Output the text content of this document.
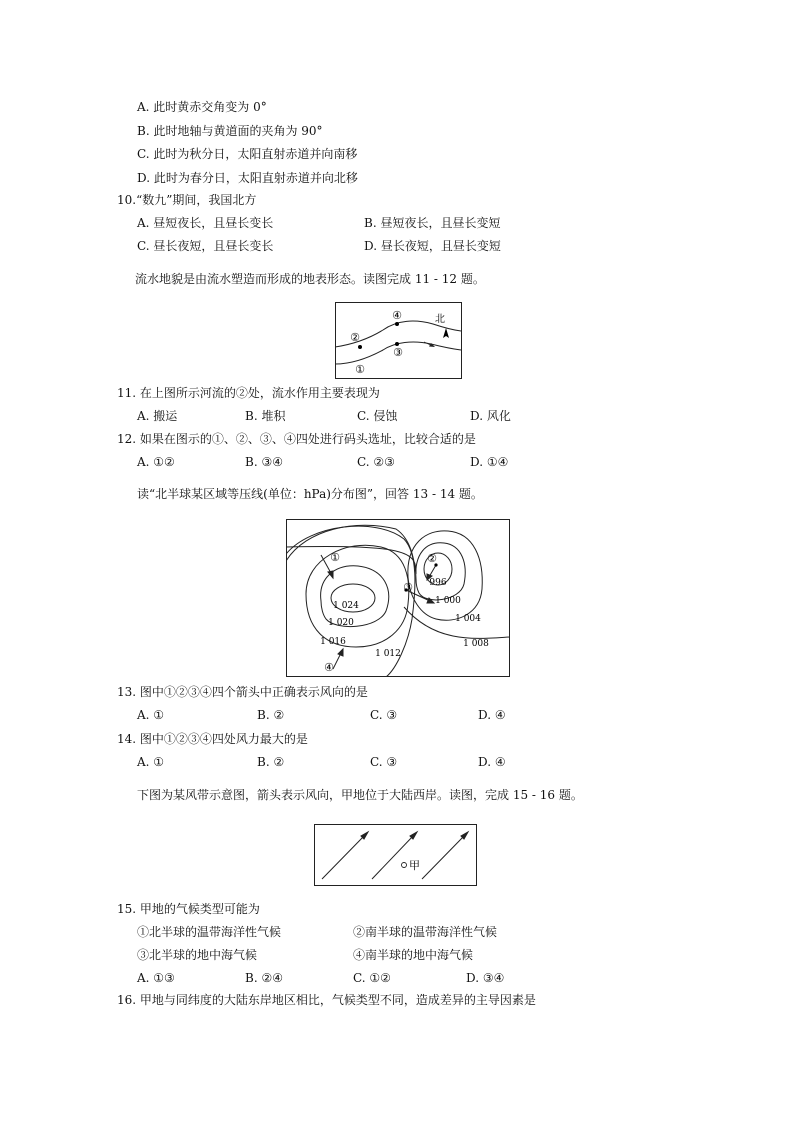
A. 此时黄赤交角变为 0°
B. 此时地轴与黄道面的夹角为 90°
C. 此时为秋分日，太阳直射赤道并向南移
D. 此时为春分日，太阳直射赤道并向北移
10.“数九”期间，我国北方
A. 昼短夜长，且昼长变长	B. 昼短夜长，且昼长变短
C. 昼长夜短，且昼长变长	D. 昼长夜短，且昼长变短
流水地貌是由流水塑造而形成的地表形态。读图完成 11 - 12 题。
②
④
③
①
北
11. 在上图所示河流的②处，流水作用主要表现为
A. 搬运	B. 堆积	C. 侵蚀	D. 风化
12. 如果在图示的①、②、③、④四处进行码头选址，比较合适的是
A. ①②	B. ③④	C. ②③	D. ①④
读“北半球某区域等压线(单位：hPa)分布图”，回答 13 - 14 题。
①	②
③
④
1 024
1 020
1 016
1 012
1 008
1 004
1 000
996
13. 图中①②③④四个箭头中正确表示风向的是
A. ①	B. ②	C. ③	D. ④
14. 图中①②③④四处风力最大的是
A. ①	B. ②	C. ③	D. ④
下图为某风带示意图，箭头表示风向，甲地位于大陆西岸。读图，完成 15 - 16 题。
甲
15. 甲地的气候类型可能为
①北半球的温带海洋性气候	②南半球的温带海洋性气候
③北半球的地中海气候	④南半球的地中海气候
A. ①③	B. ②④	C. ①②	D. ③④
16. 甲地与同纬度的大陆东岸地区相比，气候类型不同，造成差异的主导因素是
